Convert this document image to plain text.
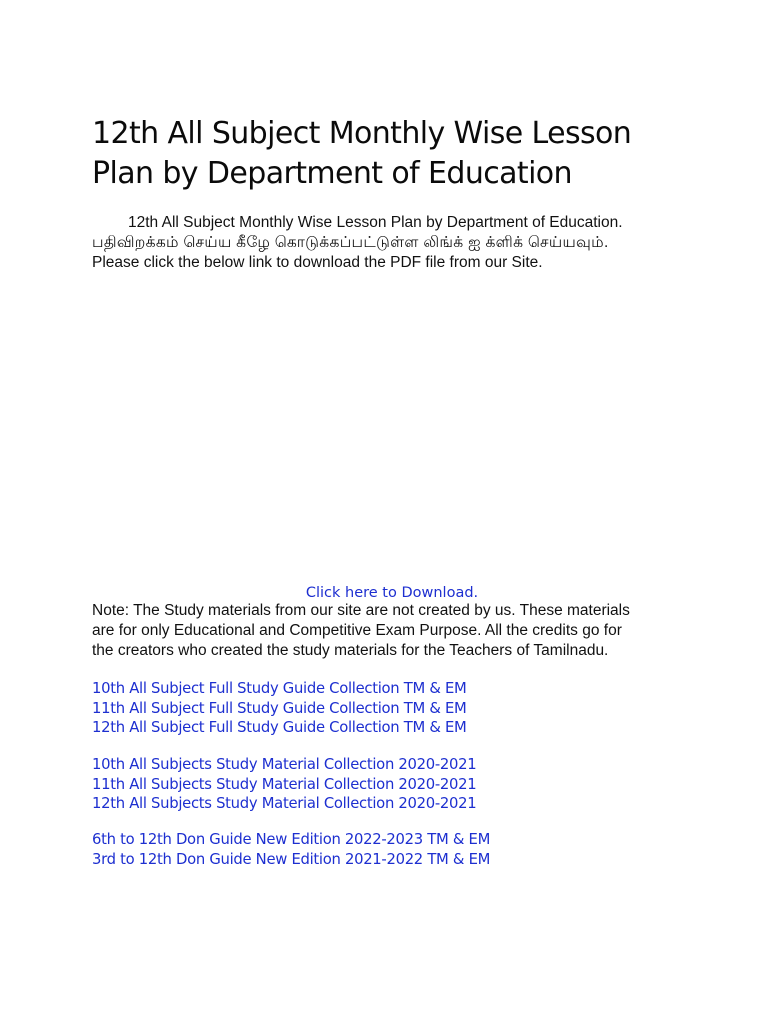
12th All Subject Monthly Wise Lesson
Plan by Department of Education
12th All Subject Monthly Wise Lesson Plan by Department of Education.
பதிவிறக்கம் செய்ய கீழே கொடுக்கப்பட்டுள்ள லிங்க் ஐ க்ளிக் செய்யவும்.
Please click the below link to download the PDF file from our Site.
Click here to Download.
Note: The Study materials from our site are not created by us. These materials
are for only Educational and Competitive Exam Purpose. All the credits go for
the creators who created the study materials for the Teachers of Tamilnadu.
10th All Subject Full Study Guide Collection TM & EM
11th All Subject Full Study Guide Collection TM & EM
12th All Subject Full Study Guide Collection TM & EM
10th All Subjects Study Material Collection 2020-2021
11th All Subjects Study Material Collection 2020-2021
12th All Subjects Study Material Collection 2020-2021
6th to 12th Don Guide New Edition 2022-2023 TM & EM
3rd to 12th Don Guide New Edition 2021-2022 TM & EM
